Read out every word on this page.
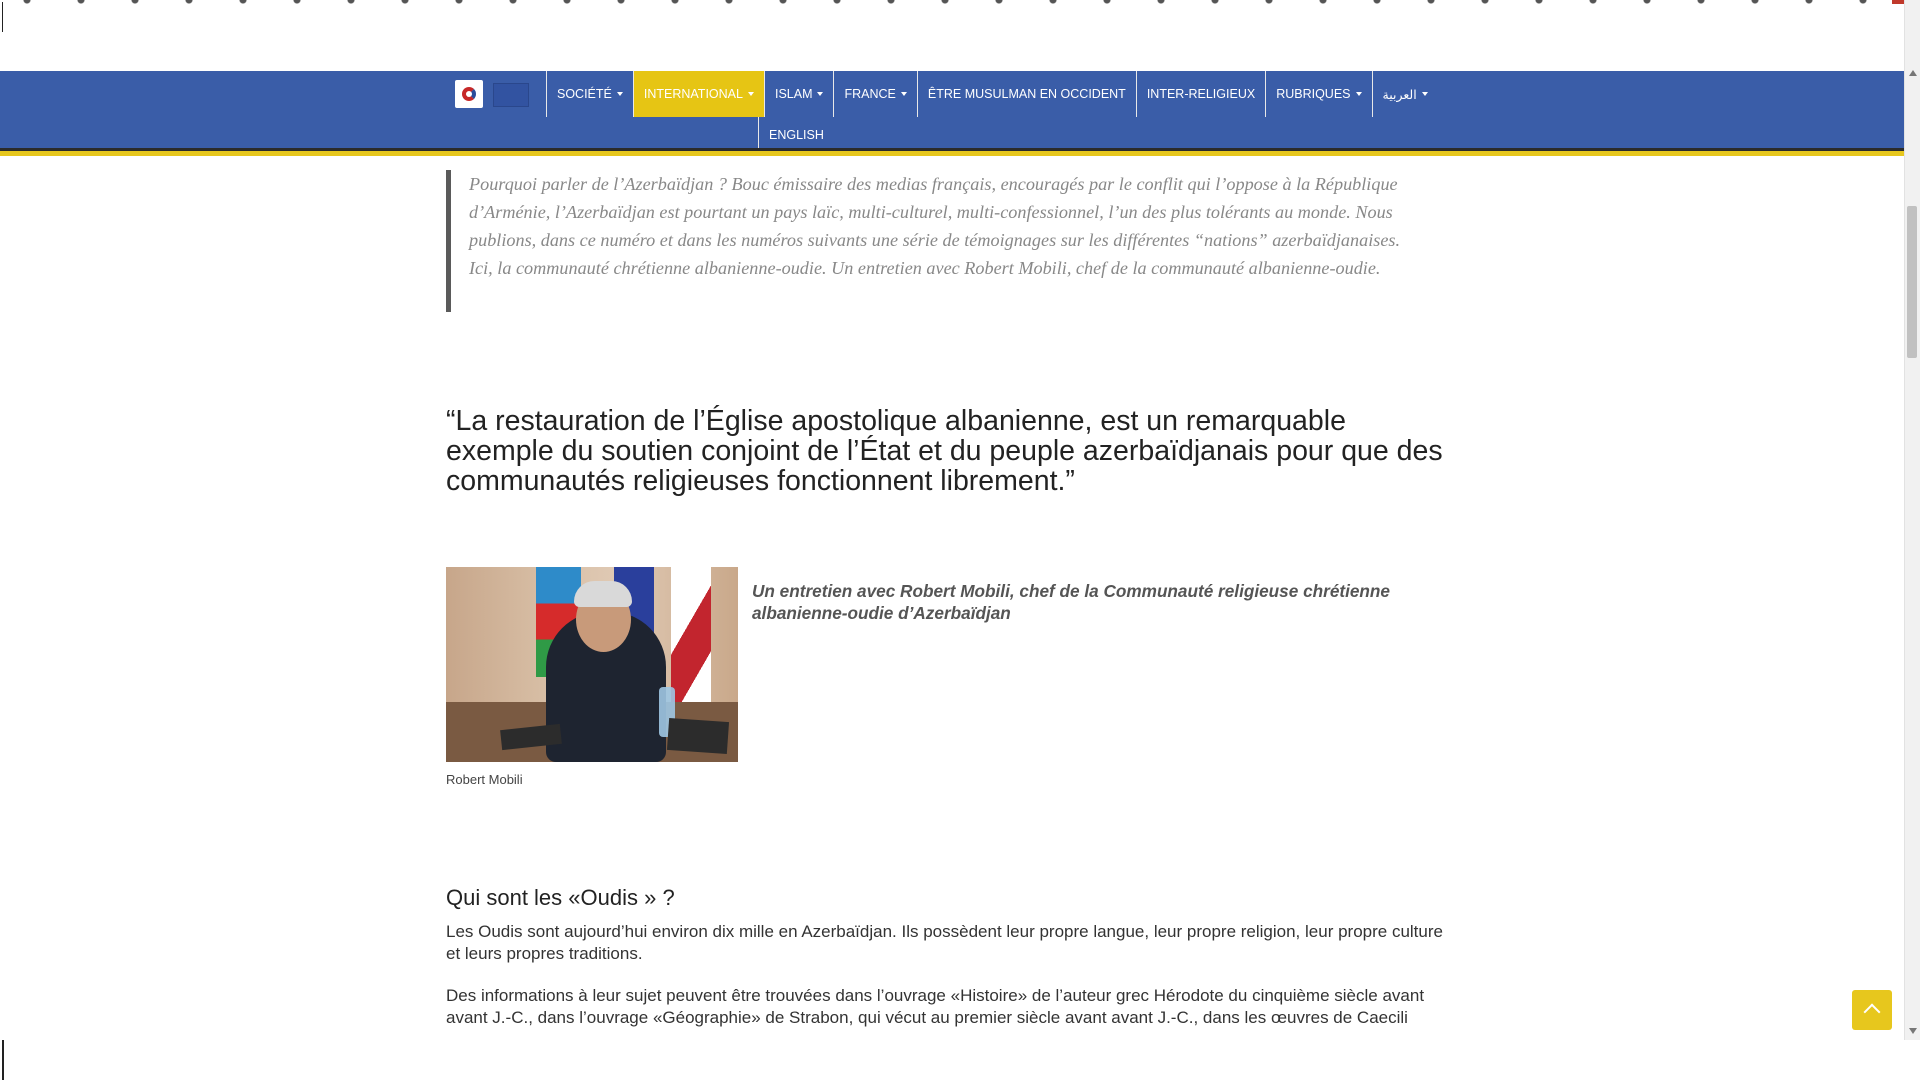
SOCIÉTÉ	INTERNATIONAL	ISLAM	FRANCE	ÊTRE MUSULMAN EN OCCIDENT INTER-RELIGIEUX RUBRIQUES	العربية
ENGLISH
Pourquoi parler de l’Azerbaïdjan ? Bouc émissaire des medias français, encouragés par le conflit qui l’oppose à la République d’Arménie, l’Azerbaïdjan est pourtant un pays laïc, multi-culturel, multi-confessionnel, l’un des plus tolérants au monde. Nous publions, dans ce numéro et dans les numéros suivants une série de témoignages sur les différentes “nations” azerbaïdjanaises. Ici, la communauté chrétienne albanienne-oudie. Un entretien avec Robert Mobili, chef de la communauté albanienne-oudie.
“La restauration de l’Église apostolique albanienne, est un remarquable exemple du soutien conjoint de l’État et du peuple azerbaïdjanais pour que des communautés religieuses fonctionnent librement.”
Robert Mobili
Un entretien avec Robert Mobili, chef de la Communauté religieuse chrétienne albanienne-oudie d’Azerbaïdjan
Qui sont les «Oudis » ?
Les Oudis sont aujourd’hui environ dix mille en Azerbaïdjan. Ils possèdent leur propre langue, leur propre religion, leur propre culture et leurs propres traditions.
Des informations à leur sujet peuvent être trouvées dans l’ouvrage «Histoire» de l’auteur grec Hérodote du cinquième siècle avant avant J.-C., dans l’ouvrage «Géographie» de Strabon, qui vécut au premier siècle avant avant J.-C., dans les œuvres de Caecili
